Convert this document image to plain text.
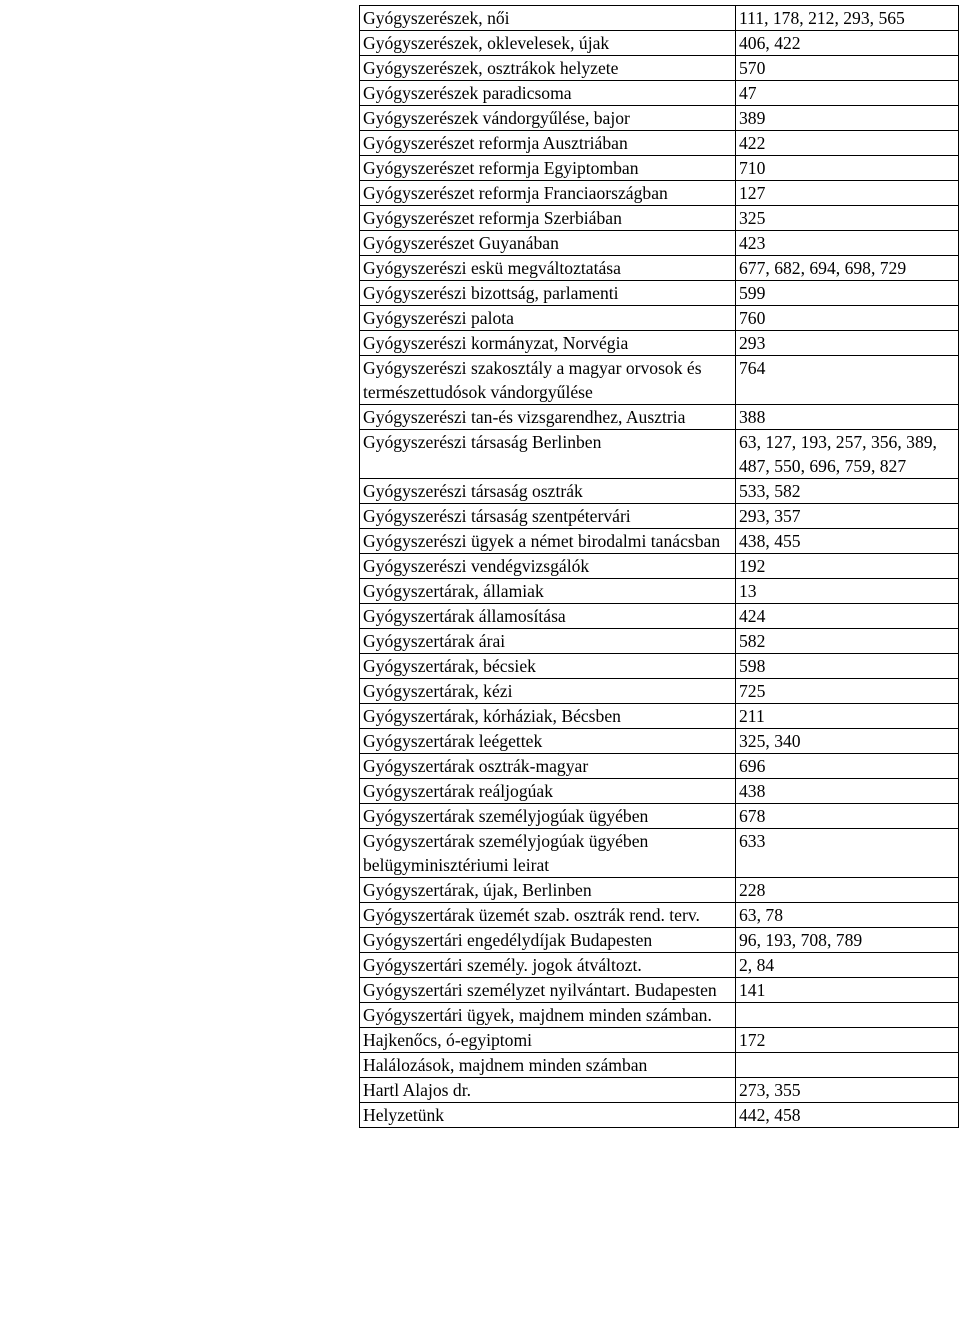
Gyógyszerészek, női	111, 178, 212, 293, 565
Gyógyszerészek, oklevelesek, újak	406, 422
Gyógyszerészek, osztrákok helyzete	570
Gyógyszerészek paradicsoma	47
Gyógyszerészek vándorgyűlése, bajor	389
Gyógyszerészet reformja Ausztriában	422
Gyógyszerészet reformja Egyiptomban	710
Gyógyszerészet reformja Franciaországban	127
Gyógyszerészet reformja Szerbiában	325
Gyógyszerészet Guyanában	423
Gyógyszerészi eskü megváltoztatása	677, 682, 694, 698, 729
Gyógyszerészi bizottság, parlamenti	599
Gyógyszerészi palota	760
Gyógyszerészi kormányzat, Norvégia	293
Gyógyszerészi szakosztály a magyar orvosok és természettudósok vándorgyűlése	764
Gyógyszerészi tan-és vizsgarendhez, Ausztria	388
Gyógyszerészi társaság Berlinben	63, 127, 193, 257, 356, 389, 487, 550, 696, 759, 827
Gyógyszerészi társaság osztrák	533, 582
Gyógyszerészi társaság szentpétervári	293, 357
Gyógyszerészi ügyek a német birodalmi tanácsban	438, 455
Gyógyszerészi vendégvizsgálók	192
Gyógyszertárak, államiak	13
Gyógyszertárak államosítása	424
Gyógyszertárak árai	582
Gyógyszertárak, bécsiek	598
Gyógyszertárak, kézi	725
Gyógyszertárak, kórháziak, Bécsben	211
Gyógyszertárak leégettek	325, 340
Gyógyszertárak osztrák-magyar	696
Gyógyszertárak reáljogúak	438
Gyógyszertárak személyjogúak ügyében	678
Gyógyszertárak személyjogúak ügyében belügyminisztériumi leirat	633
Gyógyszertárak, újak, Berlinben	228
Gyógyszertárak üzemét szab. osztrák rend. terv.	63, 78
Gyógyszertári engedélydíjak Budapesten	96, 193, 708, 789
Gyógyszertári személy. jogok átváltozt.	2, 84
Gyógyszertári személyzet nyilvántart. Budapesten	141
Gyógyszertári ügyek, majdnem minden számban.	
Hajkenőcs, ó-egyiptomi	172
Halálozások, majdnem minden számban	
Hartl Alajos dr.	273, 355
Helyzetünk	442, 458
